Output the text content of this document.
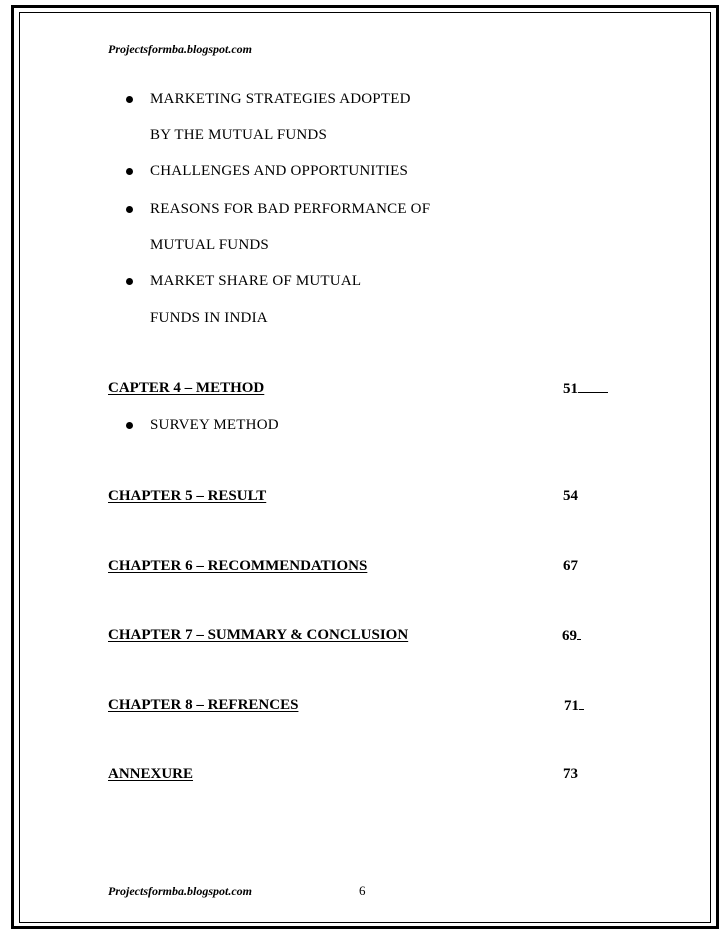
Projectsformba.blogspot.com
MARKETING STRATEGIES ADOPTED
BY THE MUTUAL FUNDS
CHALLENGES AND OPPORTUNITIES
REASONS FOR BAD PERFORMANCE OF
MUTUAL FUNDS
MARKET SHARE OF MUTUAL
FUNDS IN INDIA
CAPTER 4 – METHOD	51
SURVEY METHOD
CHAPTER 5 – RESULT	54
CHAPTER 6 – RECOMMENDATIONS	67
CHAPTER 7 – SUMMARY & CONCLUSION	69
CHAPTER 8 – REFRENCES	71
ANNEXURE	73
Projectsformba.blogspot.com	6
